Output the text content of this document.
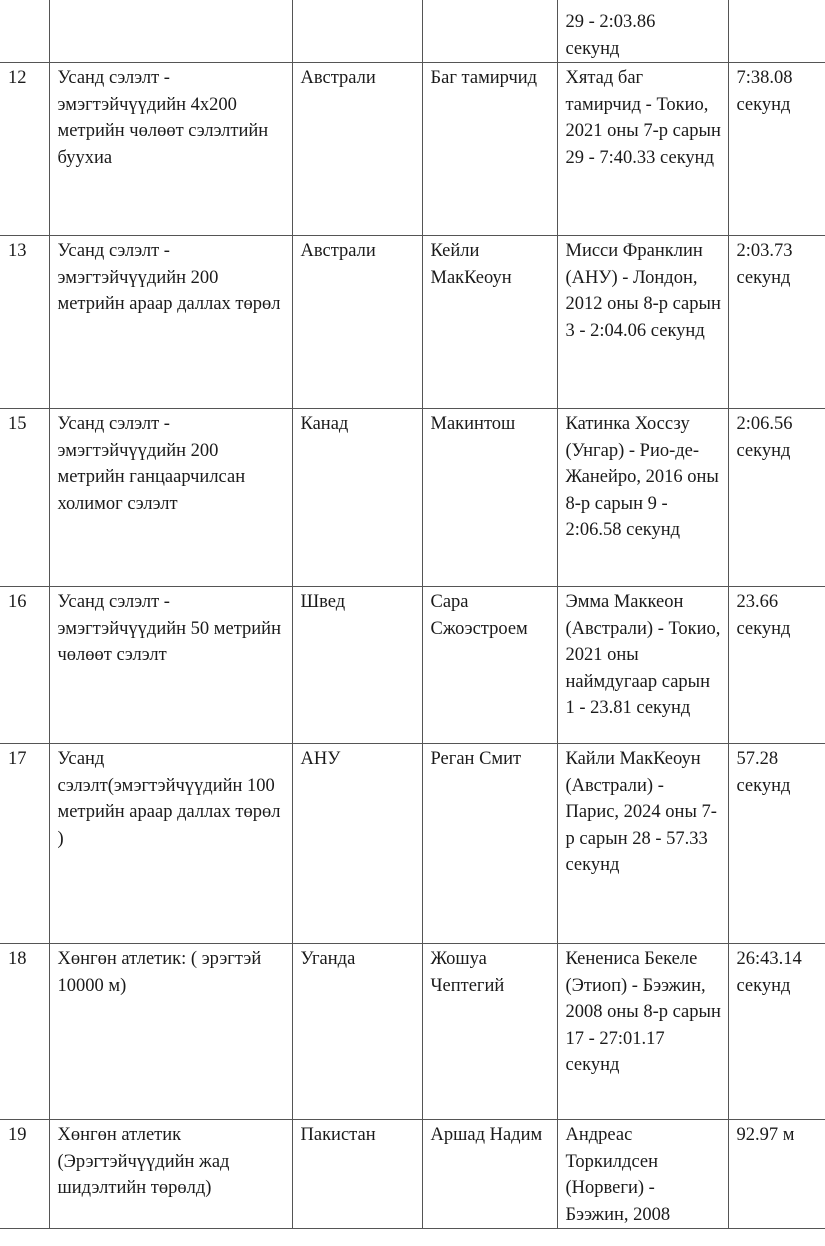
				29 - 2:03.86 секунд	

12	Усанд сэлэлт - эмэгтэйчүүдийн 4x200 метрийн чөлөөт сэлэлтийн буухиа	Австрали	Баг тамирчид	Хятад баг тамирчид - Токио, 2021 оны 7-р сарын 29 - 7:40.33 секунд	7:38.08 секунд
13	Усанд сэлэлт - эмэгтэйчүүдийн 200 метрийн араар даллах төрөл	Австрали	Кейли МакКеоун	Мисси Франклин (АНУ) - Лондон, 2012 оны 8-р сарын 3 - 2:04.06 секунд	2:03.73 секунд
15	Усанд сэлэлт - эмэгтэйчүүдийн 200 метрийн ганцаарчилсан холимог сэлэлт	Канад	Макинтош	Катинка Хоссзу (Унгар) - Рио-де-Жанейро, 2016 оны 8-р сарын 9 - 2:06.58 секунд	2:06.56 секунд
16	Усанд сэлэлт - эмэгтэйчүүдийн 50 метрийн чөлөөт сэлэлт	Швед	Сара Сжоэстроем	Эмма Маккеон (Австрали) - Токио, 2021 оны наймдугаар сарын 1 - 23.81 секунд	23.66 секунд
17	Усанд сэлэлт(эмэгтэйчүүдийн 100 метрийн араар даллах төрөл )	АНУ	Реган Смит	Кайли МакКеоун (Австрали) - Парис, 2024 оны 7-р сарын 28 - 57.33 секунд	57.28 секунд
18	Хөнгөн атлетик: ( эрэгтэй 10000 м)	Уганда	Жошуа Чептегий	Кененисa Бекеле (Этиоп) - Бээжин, 2008 оны 8-р сарын 17 - 27:01.17 секунд	26:43.14 секунд
19	Хөнгөн атлетик (Эрэгтэйчүүдийн жад шидэлтийн төрөлд)	Пакистан	Аршад Надим	Андреас Торкилдсен (Норвеги) - Бээжин, 2008	92.97 м
